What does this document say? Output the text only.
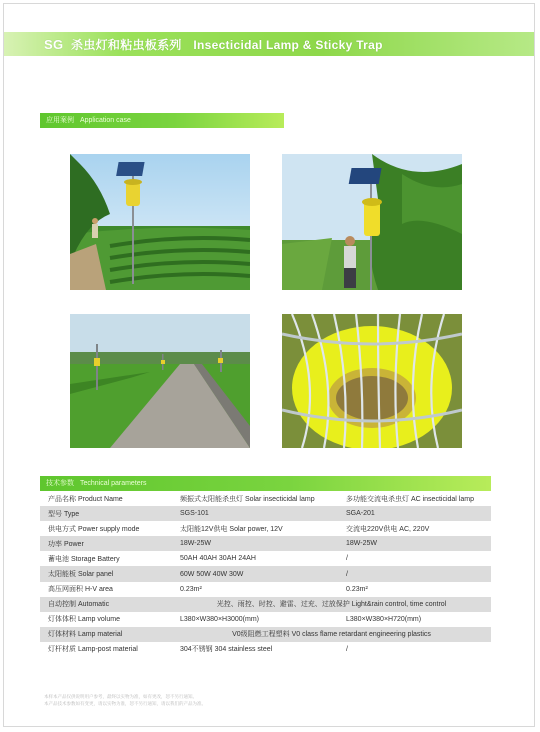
SG 杀虫灯和粘虫板系列 Insecticidal Lamp & Sticky Trap
应用案例 Application case
技术参数 Technical parameters
产品名称 Product Name	频振式太阳能杀虫灯 Solar insecticidal lamp	多功能交流电杀虫灯 AC insecticidal lamp
型号 Type	SGS-101	SGA-201
供电方式 Power supply mode	太阳能12V供电 Solar power, 12V	交流电220V供电 AC, 220V
功率 Power	18W-25W	18W-25W
蓄电池 Storage Battery	50AH 40AH 30AH 24AH	/
太阳能板 Solar panel	60W 50W 40W 30W	/
高压网面积 H-V area	0.23m²	0.23m²
自动控制 Automatic	光控、雨控、时控、避雷、过充、过放保护 Light&rain control, time control	
灯体体积 Lamp volume	L380×W380×H3000(mm)	L380×W380×H720(mm)
灯体材料 Lamp material	V0级阻燃工程塑料 V0 class flame retardant engineering plastics	
灯杆材质 Lamp-post material	304不锈钢 304 stainless steel	/
本样本产品仅供说明用户参考，最终以实物为准，如有更改，恕不另行通知。
本产品技术参数如有变更，请以实物为准，恕不另行通知，请以我们的产品为准。
